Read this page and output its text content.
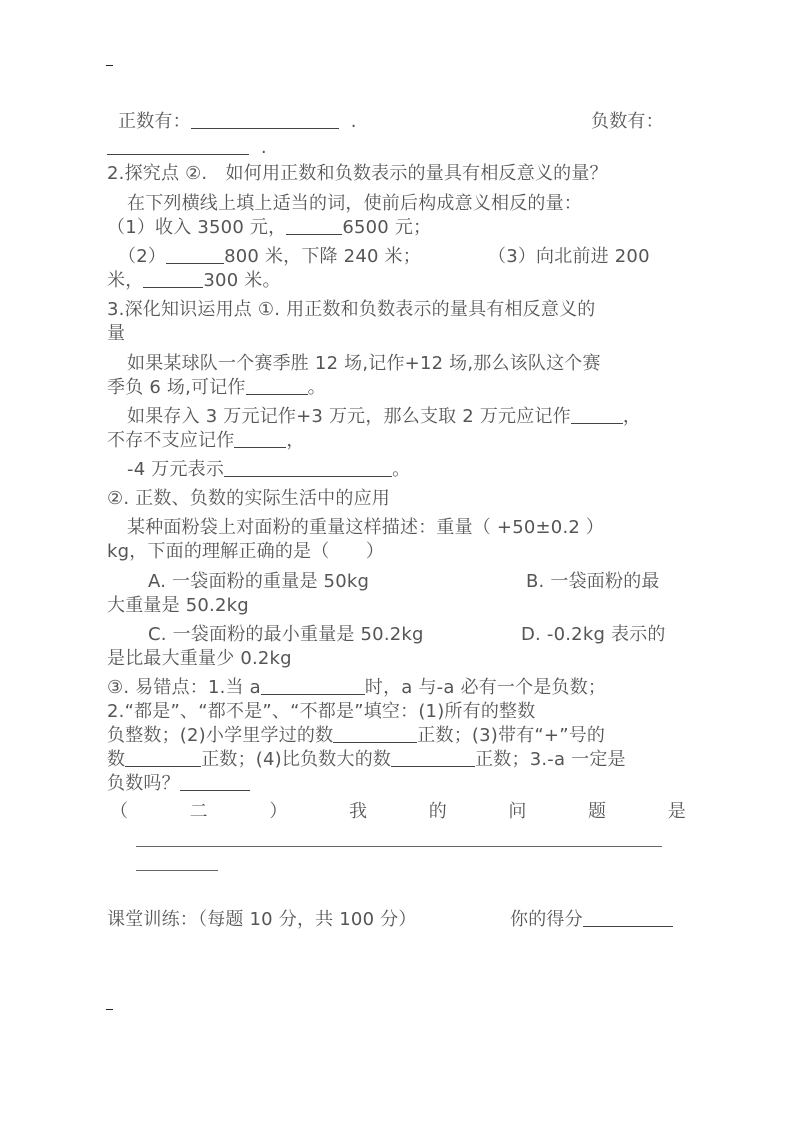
正数有：	.	负数有：
.
2.探究点 ②.　如何用正数和负数表示的量具有相反意义的量？
在下列横线上填上适当的词，使前后构成意义相反的量：
（1）收入 3500 元，	6500 元；
（2）	800 米，下降 240 米；	（3）向北前进 200
米，	300 米。
3.深化知识运用点 ①. 用正数和负数表示的量具有相反意义的
量
如果某球队一个赛季胜 12 场,记作+12 场,那么该队这个赛
季负 6 场,可记作	。
如果存入 3 万元记作+3 万元，那么支取 2 万元应记作	，
不存不支应记作	，
-4 万元表示	。
②. 正数、负数的实际生活中的应用
某种面粉袋上对面粉的重量这样描述：重量（ +50±0.2 ）
kg，下面的理解正确的是（　　）
A. 一袋面粉的重量是 50kg	B. 一袋面粉的最
大重量是 50.2kg
C. 一袋面粉的最小重量是 50.2kg	D. -0.2kg 表示的
是比最大重量少 0.2kg
③. 易错点：1.当 a	时，a 与-a 必有一个是负数；
2.“都是”、“都不是”、“不都是”填空：(1)所有的整数
负整数；(2)小学里学过的数	正数；(3)带有“+”号的
数	正数；(4)比负数大的数	正数；3.-a 一定是
负数吗？
（	二	）	我	的	问	题	是
课堂训练：（每题 10 分，共 100 分）	你的得分
